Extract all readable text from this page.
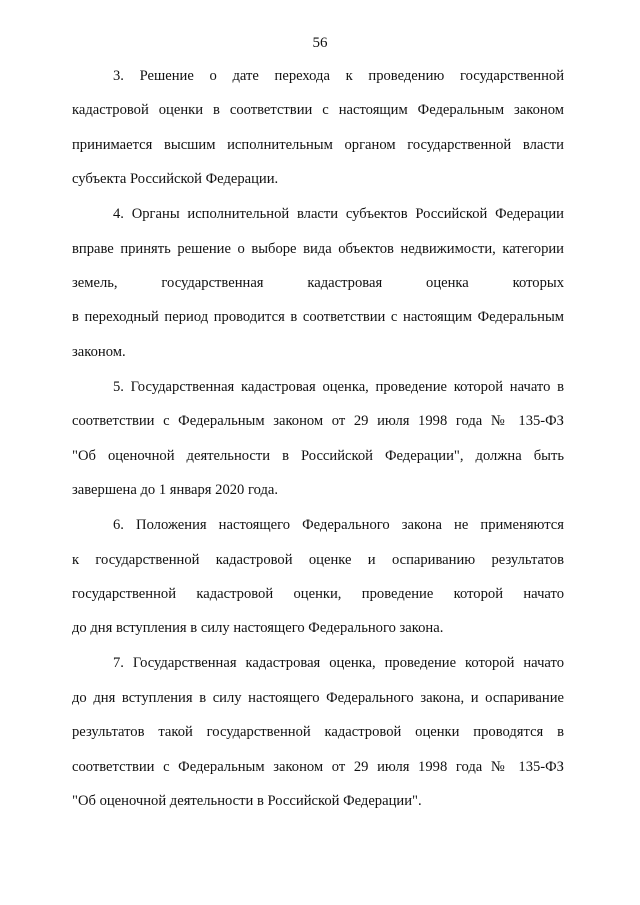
56
3. Решение о дате перехода к проведению государственной
кадастровой оценки в соответствии с настоящим Федеральным законом
принимается высшим исполнительным органом государственной власти
субъекта Российской Федерации.
4. Органы исполнительной власти субъектов Российской Федерации
вправе принять решение о выборе вида объектов недвижимости, категории
земель, государственная кадастровая оценка которых
в переходный период проводится в соответствии с настоящим Федеральным
законом.
5. Государственная кадастровая оценка, проведение которой начато в
соответствии с Федеральным законом от 29 июля 1998 года № 135-ФЗ
"Об оценочной деятельности в Российской Федерации", должна быть
завершена до 1 января 2020 года.
6. Положения настоящего Федерального закона не применяются
к государственной кадастровой оценке и оспариванию результатов
государственной кадастровой оценки, проведение которой начато
до дня вступления в силу настоящего Федерального закона.
7. Государственная кадастровая оценка, проведение которой начато
до дня вступления в силу настоящего Федерального закона, и оспаривание
результатов такой государственной кадастровой оценки проводятся в
соответствии с Федеральным законом от 29 июля 1998 года № 135-ФЗ
"Об оценочной деятельности в Российской Федерации".
